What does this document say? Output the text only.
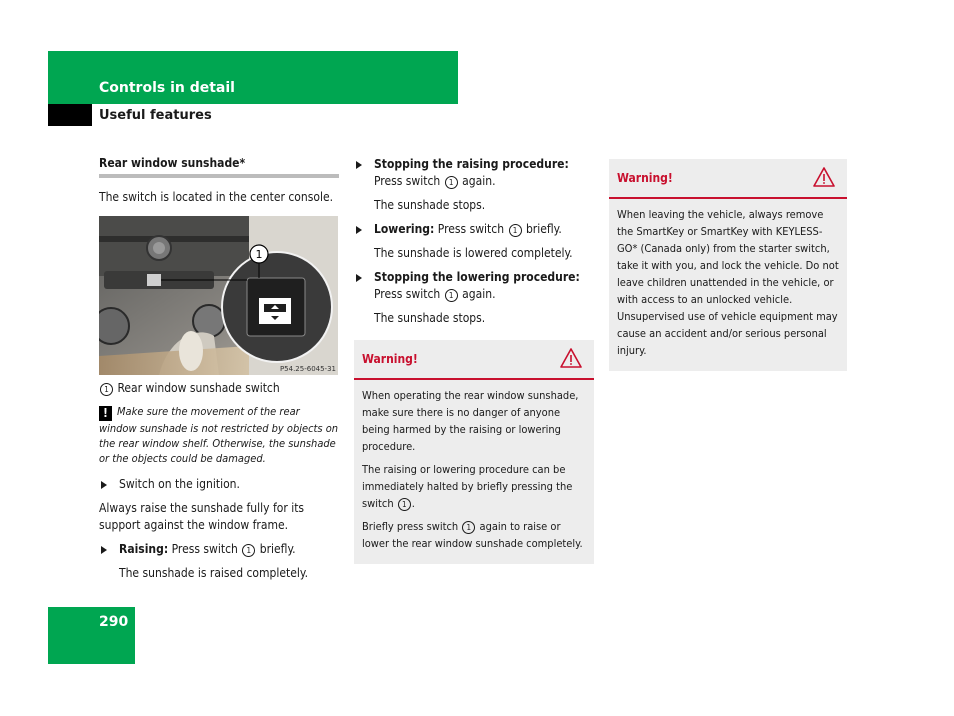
Controls in detail
Useful features
Rear window sunshade*
The switch is located in the center console.
1
P54.25-6045-31
1 Rear window sunshade switch
! Make sure the movement of the rear window sunshade is not restricted by objects on the rear window shelf. Otherwise, the sunshade or the objects could be damaged.
Switch on the ignition.
Always raise the sunshade fully for its support against the window frame.
Raising: Press switch 1 briefly.
The sunshade is raised completely.
Stopping the raising procedure:
Press switch 1 again.
The sunshade stops.
Lowering: Press switch 1 briefly.
The sunshade is lowered completely.
Stopping the lowering procedure:
Press switch 1 again.
The sunshade stops.
Warning!
When operating the rear window sunshade, make sure there is no danger of anyone being harmed by the raising or lowering procedure.
The raising or lowering procedure can be immediately halted by briefly pressing the switch 1 .
Briefly press switch 1 again to raise or lower the rear window sunshade completely.
Warning!
When leaving the vehicle, always remove the SmartKey or SmartKey with KEYLESS-GO* (Canada only) from the starter switch, take it with you, and lock the vehicle. Do not leave children unattended in the vehicle, or with access to an unlocked vehicle. Unsupervised use of vehicle equipment may cause an accident and/or serious personal injury.
290
